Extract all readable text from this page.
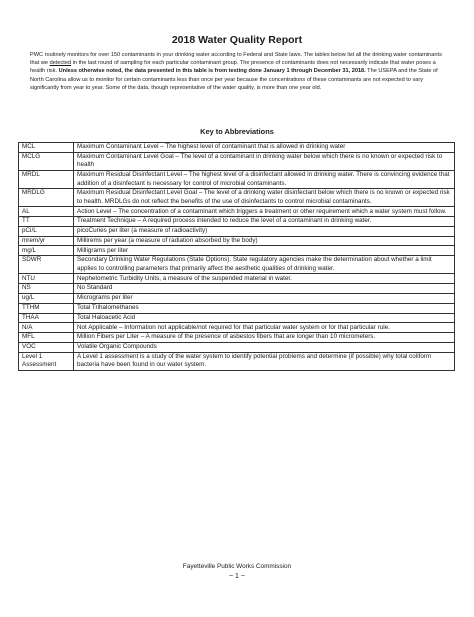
2018 Water Quality Report
PWC routinely monitors for over 150 contaminants in your drinking water according to Federal and State laws. The tables below list all the drinking water contaminants that we detected in the last round of sampling for each particular contaminant group. The presence of contaminants does not necessarily indicate that water poses a health risk. Unless otherwise noted, the data presented in this table is from testing done January 1 through December 31, 2018. The USEPA and the State of North Carolina allow us to monitor for certain contaminants less than once per year because the concentrations of these contaminants are not expected to vary significantly from year to year. Some of the data, though representative of the water quality, is more than one year old.
Key to Abbreviations
MCL	Maximum Contaminant Level – The highest level of contaminant that is allowed in drinking water
MCLG	Maximum Contaminant Level Goal – The level of a contaminant in drinking water below which there is no known or expected risk to health
MRDL	Maximum Residual Disinfectant Level – The highest level of a disinfectant allowed in drinking water. There is convincing evidence that addition of a disinfectant is necessary for control of microbial contaminants.
MRDLG	Maximum Residual Disinfectant Level Goal – The level of a drinking water disinfectant below which there is no known or expected risk to health. MRDLGs do not reflect the benefits of the use of disinfectants to control microbial contaminants.
AL	Action Level – The concentration of a contaminant which triggers a treatment or other requirement which a water system must follow.
TT	Treatment Technique – A required process intended to reduce the level of a contaminant in drinking water.
pCi/L	picoCuries per liter (a measure of radioactivity)
mrem/yr	Millirems per year (a measure of radiation absorbed by the body)
mg/L	Milligrams per liter
SDWR	Secondary Drinking Water Regulations (State Options). State regulatory agencies make the determination about whether a limit applies to controlling parameters that primarily affect the aesthetic qualities of drinking water.
NTU	Nephelometric Turbidity Units, a measure of the suspended material in water.
NS	No Standard
ug/L	Micrograms per liter
TTHM	Total Trihalomethanes
THAA	Total Haloacetic Acid
N/A	Not Applicable – Information not applicable/not required for that particular water system or for that particular rule.
MFL	Million Fibers per Liter – A measure of the presence of asbestos fibers that are longer than 10 micrometers.
VOC	Volatile Organic Compounds
Level 1 Assessment	A Level 1 assessment is a study of the water system to identify potential problems and determine (if possible) why total coliform bacteria have been found in our water system.
Fayetteville Public Works Commission
~ 1 ~
